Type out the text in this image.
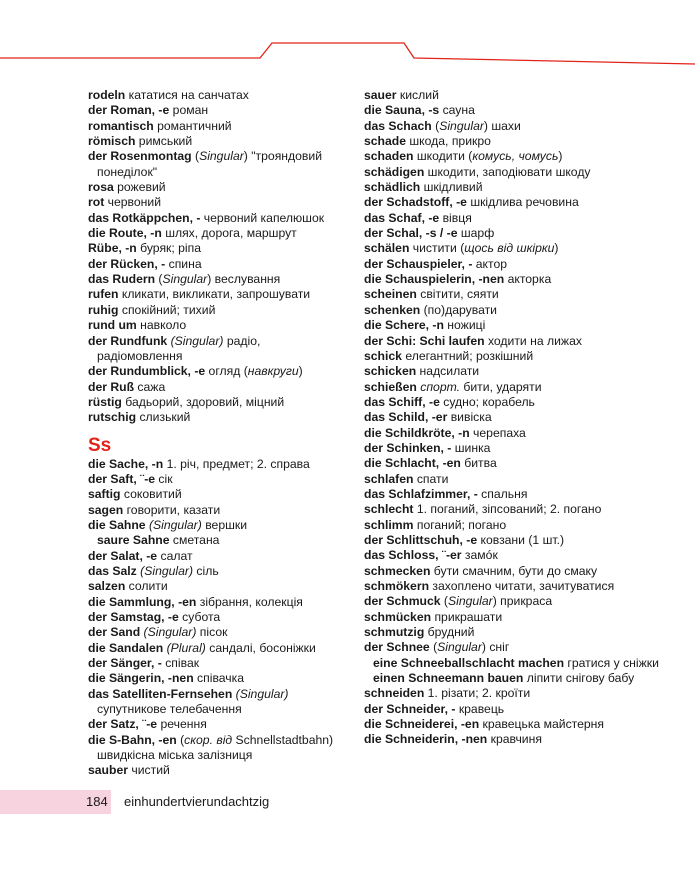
rodeln кататися на санчатах
der Roman, -e роман
romantisch романтичний
römisch римський
der Rosenmontag (Singular) "трояндовий понеділок"
rosa рожевий
rot червоний
das Rotkäppchen, - червоний капелюшок
die Route, -n шлях, дорога, маршрут
Rübe, -n буряк; ріпа
der Rücken, - спина
das Rudern (Singular) веслування
rufen кликати, викликати, запрошувати
ruhig спокійний; тихий
rund um навколо
der Rundfunk (Singular) радіо, радіомовлення
der Rundumblick, -e огляд (навкруги)
der Ruß сажа
rüstig бадьорий, здоровий, міцний
rutschig слизький
Ss
die Sache, -n 1. річ, предмет; 2. справа
der Saft, ¨-e сік
saftig соковитий
sagen говорити, казати
die Sahne (Singular) вершки
saure Sahne сметана
der Salat, -e салат
das Salz (Singular) сіль
salzen солити
die Sammlung, -en зібрання, колекція
der Samstag, -e субота
der Sand (Singular) пісок
die Sandalen (Plural) сандалі, босоніжки
der Sänger, - співак
die Sängerin, -nen співачка
das Satelliten-Fernsehen (Singular) супутникове телебачення
der Satz, ¨-e речення
die S-Bahn, -en (скор. від Schnellstadtbahn) швидкісна міська залізниця
sauber чистий
sauer кислий
die Sauna, -s сауна
das Schach (Singular) шахи
schade шкода, прикро
schaden шкодити (комусь, чомусь)
schädigen шкодити, заподіювати шкоду
schädlich шкідливий
der Schadstoff, -e шкідлива речовина
das Schaf, -e вівця
der Schal, -s / -e шарф
schälen чистити (щось від шкірки)
der Schauspieler, - актор
die Schauspielerin, -nen акторка
scheinen світити, сяяти
schenken (по)дарувати
die Schere, -n ножиці
der Schi: Schi laufen ходити на лижах
schick елегантний; розкішний
schicken надсилати
schießen спорт. бити, ударяти
das Schiff, -e судно; корабель
das Schild, -er вивіска
die Schildkröte, -n черепаха
der Schinken, - шинка
die Schlacht, -en битва
schlafen спати
das Schlafzimmer, - спальня
schlecht 1. поганий, зіпсований; 2. погано
schlimm поганий; погано
der Schlittschuh, -e ковзани (1 шт.)
das Schloss, ¨-er замóк
schmecken бути смачним, бути до смаку
schmökern захоплено читати, зачитуватися
der Schmuck (Singular) прикраса
schmücken прикрашати
schmutzig брудний
der Schnee (Singular) сніг
eine Schneeballschlacht machen гратися у сніжки
einen Schneemann bauen ліпити снігову бабу
schneiden 1. різати; 2. кроїти
der Schneider, - кравець
die Schneiderei, -en кравецька майстерня
die Schneiderin, -nen кравчиня
184 einhundertvierundachtzig
